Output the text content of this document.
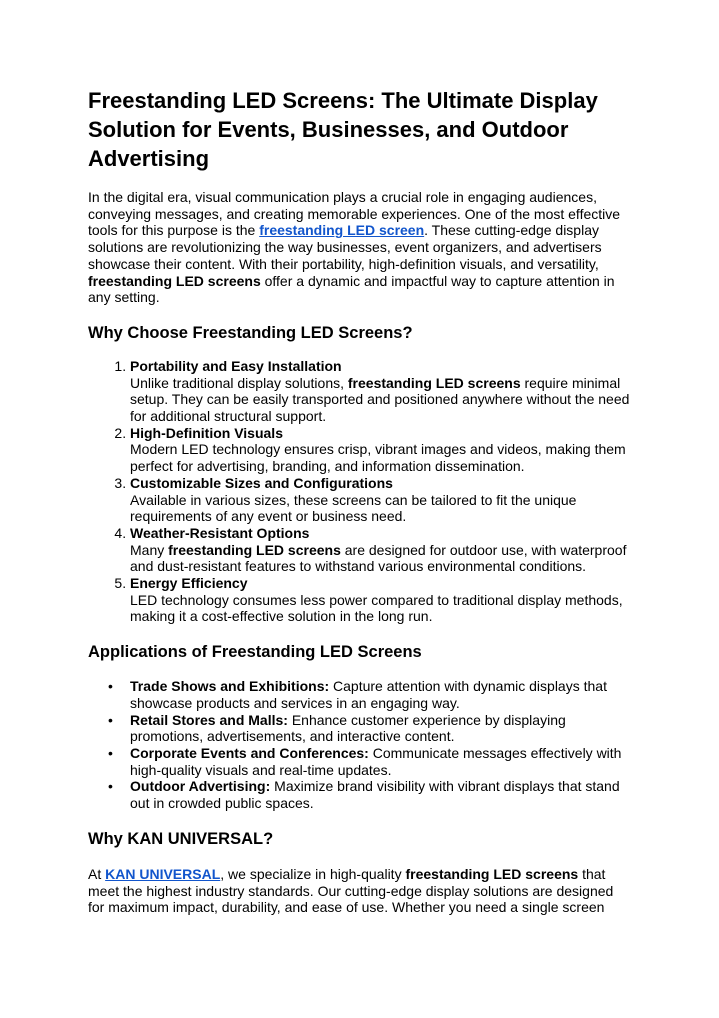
Freestanding LED Screens: The Ultimate Display Solution for Events, Businesses, and Outdoor Advertising

In the digital era, visual communication plays a crucial role in engaging audiences, conveying messages, and creating memorable experiences. One of the most effective tools for this purpose is the freestanding LED screen. These cutting-edge display solutions are revolutionizing the way businesses, event organizers, and advertisers showcase their content. With their portability, high-definition visuals, and versatility, freestanding LED screens offer a dynamic and impactful way to capture attention in any setting.

Why Choose Freestanding LED Screens?
1. Portability and Easy Installation
Unlike traditional display solutions, freestanding LED screens require minimal setup. They can be easily transported and positioned anywhere without the need for additional structural support.
2. High-Definition Visuals
Modern LED technology ensures crisp, vibrant images and videos, making them perfect for advertising, branding, and information dissemination.
3. Customizable Sizes and Configurations
Available in various sizes, these screens can be tailored to fit the unique requirements of any event or business need.
4. Weather-Resistant Options
Many freestanding LED screens are designed for outdoor use, with waterproof and dust-resistant features to withstand various environmental conditions.
5. Energy Efficiency
LED technology consumes less power compared to traditional display methods, making it a cost-effective solution in the long run.
Applications of Freestanding LED Screens
• Trade Shows and Exhibitions: Capture attention with dynamic displays that showcase products and services in an engaging way.
• Retail Stores and Malls: Enhance customer experience by displaying promotions, advertisements, and interactive content.
• Corporate Events and Conferences: Communicate messages effectively with high-quality visuals and real-time updates.
• Outdoor Advertising: Maximize brand visibility with vibrant displays that stand out in crowded public spaces.
Why KAN UNIVERSAL?

At KAN UNIVERSAL, we specialize in high-quality freestanding LED screens that meet the highest industry standards. Our cutting-edge display solutions are designed for maximum impact, durability, and ease of use. Whether you need a single screen
